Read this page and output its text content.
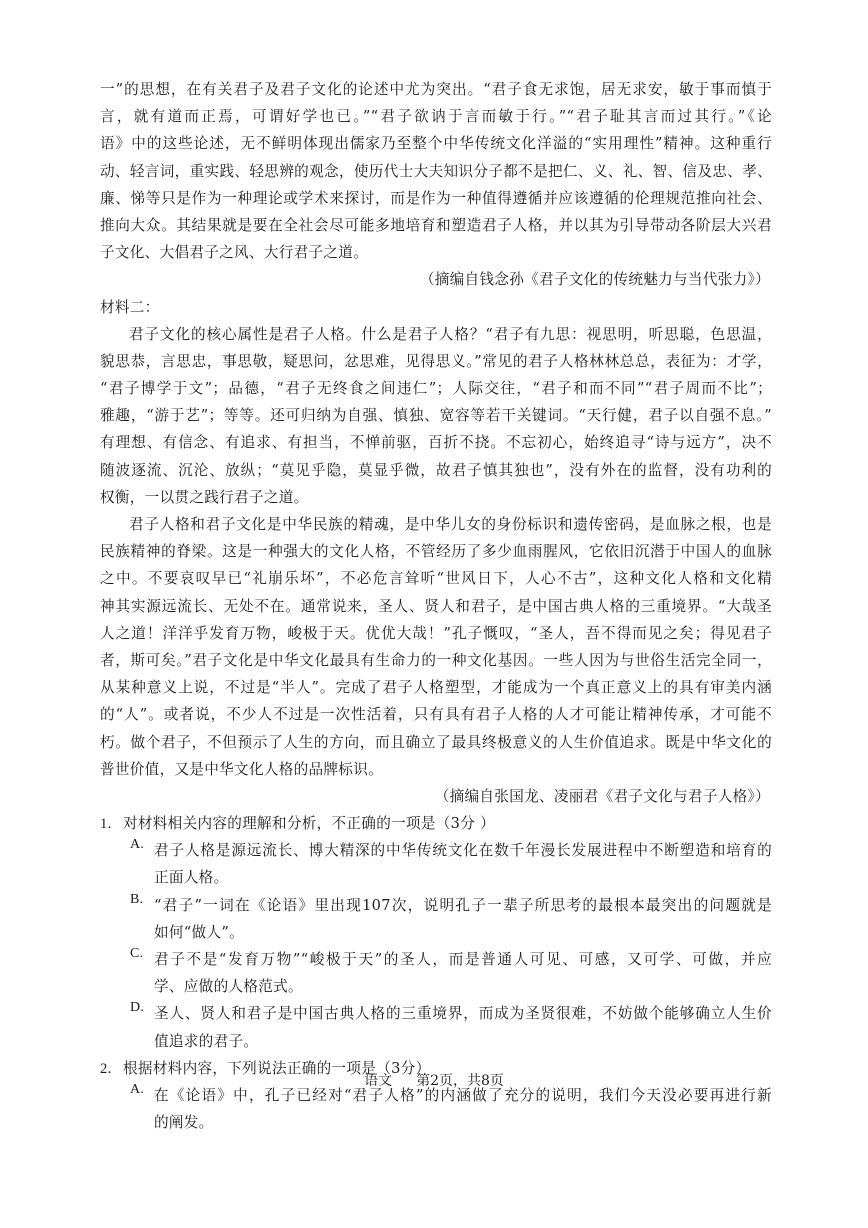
一”的思想，在有关君子及君子文化的论述中尤为突出。“君子食无求饱，居无求安，敏于事而慎于
言，就有道而正焉，可谓好学也已。”“君子欲讷于言而敏于行。”“君子耻其言而过其行。”《论
语》中的这些论述，无不鲜明体现出儒家乃至整个中华传统文化洋溢的“实用理性”精神。这种重行
动、轻言词，重实践、轻思辨的观念，使历代士大夫知识分子都不是把仁、义、礼、智、信及忠、孝、
廉、悌等只是作为一种理论或学术来探讨，而是作为一种值得遵循并应该遵循的伦理规范推向社会、
推向大众。其结果就是要在全社会尽可能多地培育和塑造君子人格，并以其为引导带动各阶层大兴君
子文化、大倡君子之风、大行君子之道。
（摘编自钱念孙《君子文化的传统魅力与当代张力》）
材料二：
君子文化的核心属性是君子人格。什么是君子人格？“君子有九思：视思明，听思聪，色思温，
貌思恭，言思忠，事思敬，疑思问，忿思难，见得思义。”常见的君子人格林林总总，表征为：才学，
“君子博学于文”；品德，“君子无终食之间违仁”；人际交往，“君子和而不同”“君子周而不比”；
雅趣，“游于艺”；等等。还可归纳为自强、慎独、宽容等若干关键词。“天行健，君子以自强不息。”
有理想、有信念、有追求、有担当，不惮前驱，百折不挠。不忘初心，始终追寻“诗与远方”，决不
随波逐流、沉沦、放纵；“莫见乎隐，莫显乎微，故君子慎其独也”，没有外在的监督，没有功利的
权衡，一以贯之践行君子之道。
君子人格和君子文化是中华民族的精魂，是中华儿女的身份标识和遗传密码，是血脉之根，也是
民族精神的脊梁。这是一种强大的文化人格，不管经历了多少血雨腥风，它依旧沉潜于中国人的血脉
之中。不要哀叹早已“礼崩乐坏”，不必危言耸听“世风日下，人心不古”，这种文化人格和文化精
神其实源远流长、无处不在。通常说来，圣人、贤人和君子，是中国古典人格的三重境界。“大哉圣
人之道！洋洋乎发育万物，峻极于天。优优大哉！”孔子慨叹，“圣人，吾不得而见之矣；得见君子
者，斯可矣。”君子文化是中华文化最具有生命力的一种文化基因。一些人因为与世俗生活完全同一，
从某种意义上说，不过是“半人”。完成了君子人格塑型，才能成为一个真正意义上的具有审美内涵
的“人”。或者说，不少人不过是一次性活着，只有具有君子人格的人才可能让精神传承，才可能不
朽。做个君子，不但预示了人生的方向，而且确立了最具终极意义的人生价值追求。既是中华文化的
普世价值，又是中华文化人格的品牌标识。
（摘编自张国龙、凌丽君《君子文化与君子人格》）
1. 对材料相关内容的理解和分析，不正确的一项是（3分 ）
A. 君子人格是源远流长、博大精深的中华传统文化在数千年漫长发展进程中不断塑造和培育的
正面人格。
B. “君子”一词在《论语》里出现107次，说明孔子一辈子所思考的最根本最突出的问题就是
如何“做人”。
C. 君子不是“发育万物”“峻极于天”的圣人，而是普通人可见、可感，又可学、可做，并应
学、应做的人格范式。
D. 圣人、贤人和君子是中国古典人格的三重境界，而成为圣贤很难，不妨做个能够确立人生价
值追求的君子。
2. 根据材料内容，下列说法正确的一项是（3分）
A. 在《论语》中，孔子已经对“君子人格”的内涵做了充分的说明，我们今天没必要再进行新
的阐发。
语文 第2页，共8页
